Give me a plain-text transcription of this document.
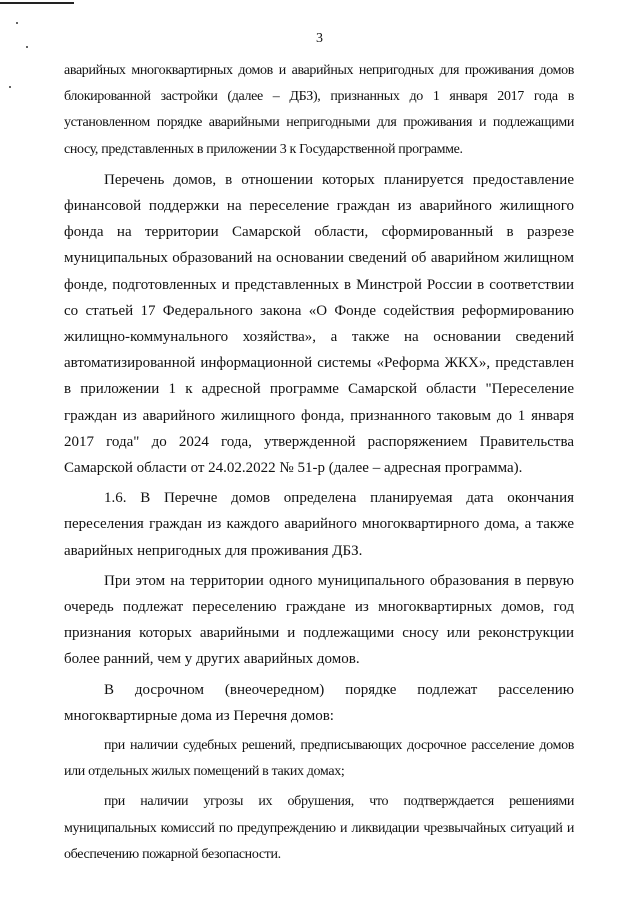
3

аварийных многоквартирных домов и аварийных непригодных для проживания домов блокированной застройки (далее – ДБЗ), признанных до 1 января 2017 года в установленном порядке аварийными непригодными для проживания и подлежащими сносу, представленных в приложении 3 к Государственной программе.

Перечень домов, в отношении которых планируется предоставление финансовой поддержки на переселение граждан из аварийного жилищного фонда на территории Самарской области, сформированный в разрезе муниципальных образований на основании сведений об аварийном жилищном фонде, подготовленных и представленных в Минстрой России в соответствии со статьей 17 Федерального закона «О Фонде содействия реформированию жилищно-коммунального хозяйства», а также на основании сведений автоматизированной информационной системы «Реформа ЖКХ», представлен в приложении 1 к адресной программе Самарской области "Переселение граждан из аварийного жилищного фонда, признанного таковым до 1 января 2017 года" до 2024 года, утвержденной распоряжением Правительства Самарской области от 24.02.2022 № 51-р (далее – адресная программа).

1.6. В Перечне домов определена планируемая дата окончания переселения граждан из каждого аварийного многоквартирного дома, а также аварийных непригодных для проживания ДБЗ.

При этом на территории одного муниципального образования в первую очередь подлежат переселению граждане из многоквартирных домов, год признания которых аварийными и подлежащими сносу или реконструкции более ранний, чем у других аварийных домов.

В досрочном (внеочередном) порядке подлежат расселению многоквартирные дома из Перечня домов:

при наличии судебных решений, предписывающих досрочное расселение домов или отдельных жилых помещений в таких домах;

при наличии угрозы их обрушения, что подтверждается решениями муниципальных комиссий по предупреждению и ликвидации чрезвычайных ситуаций и обеспечению пожарной безопасности.
